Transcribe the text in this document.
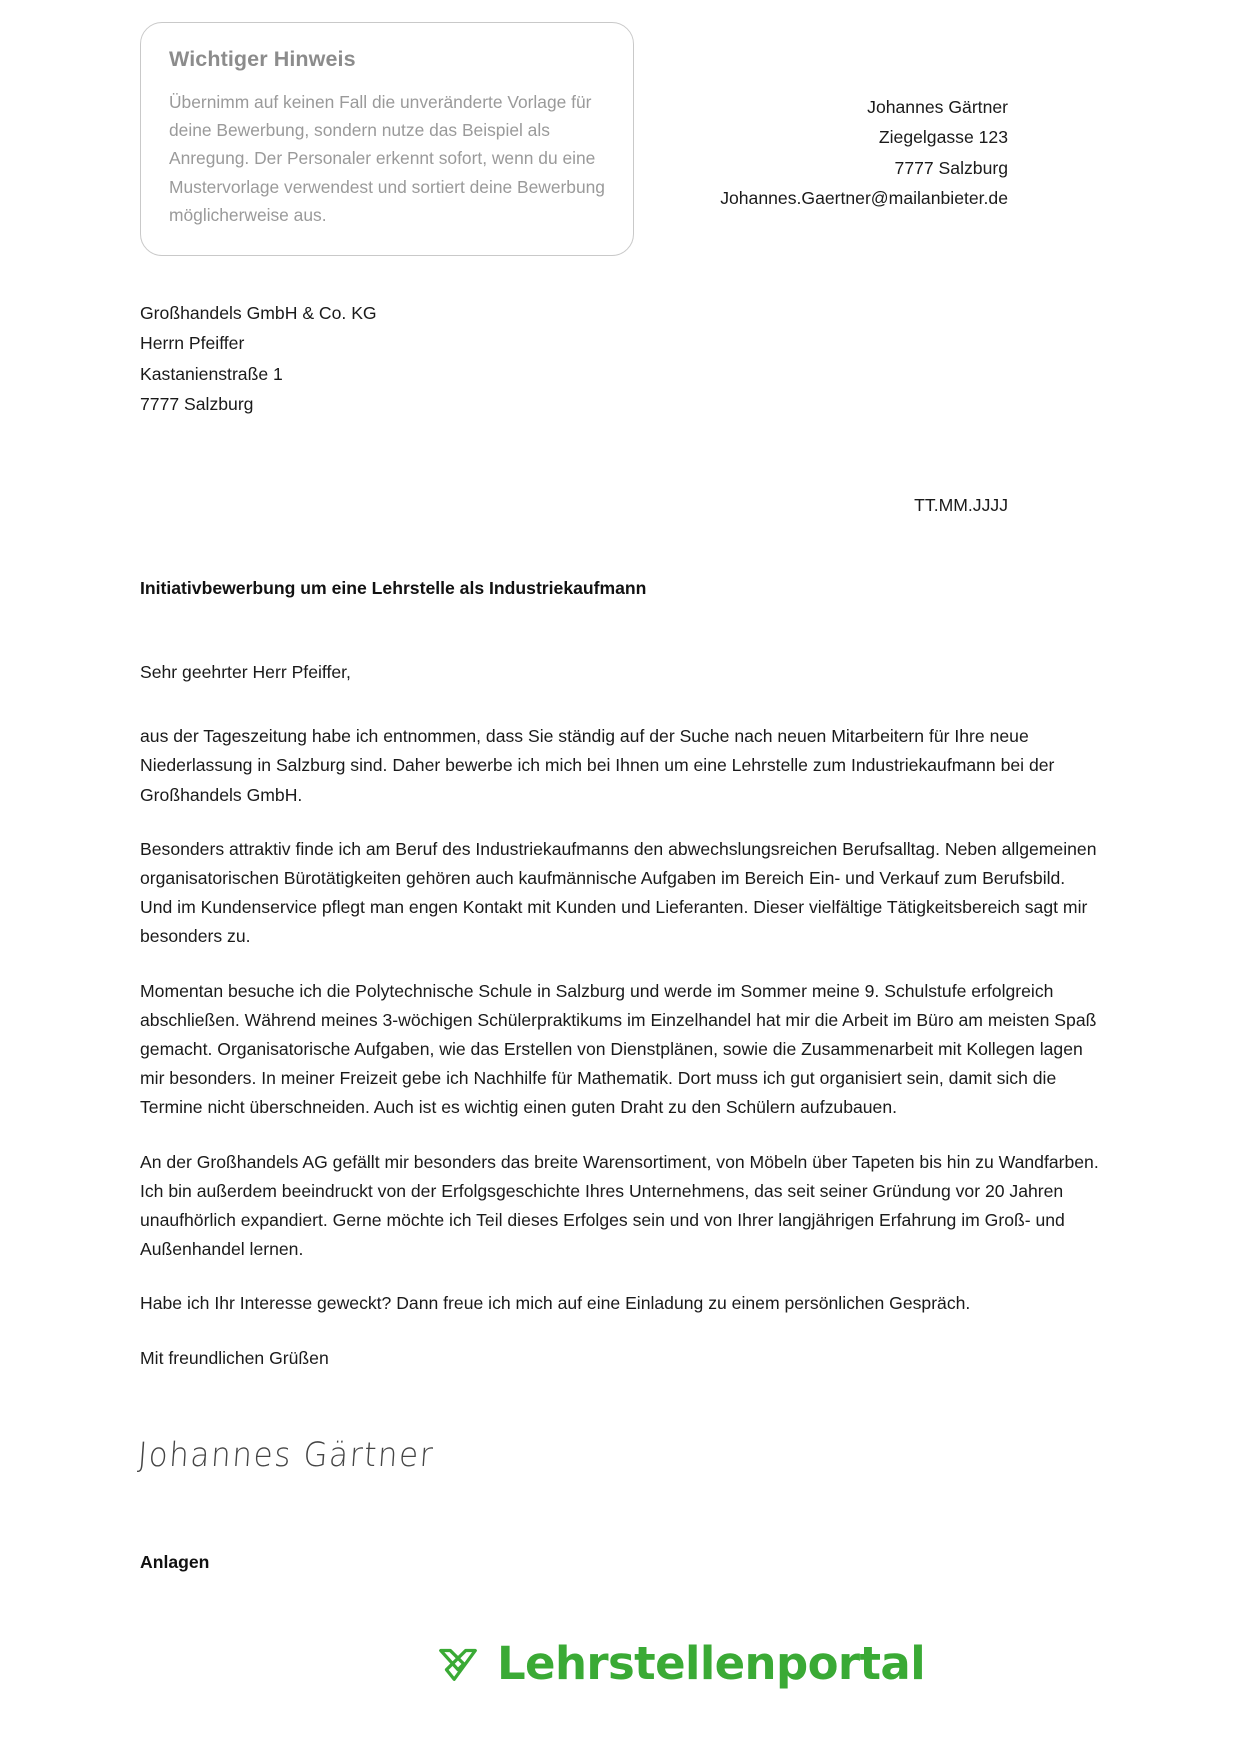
Wichtiger Hinweis

Übernimm auf keinen Fall die unveränderte Vorlage für deine Bewerbung, sondern nutze das Beispiel als Anregung. Der Personaler erkennt sofort, wenn du eine Mustervorlage verwendest und sortiert deine Bewerbung möglicherweise aus.

Johannes Gärtner
Ziegelgasse 123
7777 Salzburg
Johannes.Gaertner@mailanbieter.de
Großhandels GmbH & Co. KG
Herrn Pfeiffer
Kastanienstraße 1
7777 Salzburg
TT.MM.JJJJ
Initiativbewerbung um eine Lehrstelle als Industriekaufmann

Sehr geehrter Herr Pfeiffer,

aus der Tageszeitung habe ich entnommen, dass Sie ständig auf der Suche nach neuen Mitarbeitern für Ihre neue Niederlassung in Salzburg sind. Daher bewerbe ich mich bei Ihnen um eine Lehrstelle zum Industriekaufmann bei der Großhandels GmbH.

Besonders attraktiv finde ich am Beruf des Industriekaufmanns den abwechslungsreichen Berufsalltag. Neben allgemeinen organisatorischen Bürotätigkeiten gehören auch kaufmännische Aufgaben im Bereich Ein- und Verkauf zum Berufsbild. Und im Kundenservice pflegt man engen Kontakt mit Kunden und Lieferanten. Dieser vielfältige Tätigkeitsbereich sagt mir besonders zu.

Momentan besuche ich die Polytechnische Schule in Salzburg und werde im Sommer meine 9. Schulstufe erfolgreich abschließen. Während meines 3-wöchigen Schülerpraktikums im Einzelhandel hat mir die Arbeit im Büro am meisten Spaß gemacht. Organisatorische Aufgaben, wie das Erstellen von Dienstplänen, sowie die Zusammenarbeit mit Kollegen lagen mir besonders. In meiner Freizeit gebe ich Nachhilfe für Mathematik. Dort muss ich gut organisiert sein, damit sich die Termine nicht überschneiden. Auch ist es wichtig einen guten Draht zu den Schülern aufzubauen.

An der Großhandels AG gefällt mir besonders das breite Warensortiment, von Möbeln über Tapeten bis hin zu Wandfarben. Ich bin außerdem beeindruckt von der Erfolgsgeschichte Ihres Unternehmens, das seit seiner Gründung vor 20 Jahren unaufhörlich expandiert. Gerne möchte ich Teil dieses Erfolges sein und von Ihrer langjährigen Erfahrung im Groß- und Außenhandel lernen.

Habe ich Ihr Interesse geweckt? Dann freue ich mich auf eine Einladung zu einem persönlichen Gespräch.

Mit freundlichen Grüßen

Johannes Gärtner
Anlagen
Lehrstellenportal
